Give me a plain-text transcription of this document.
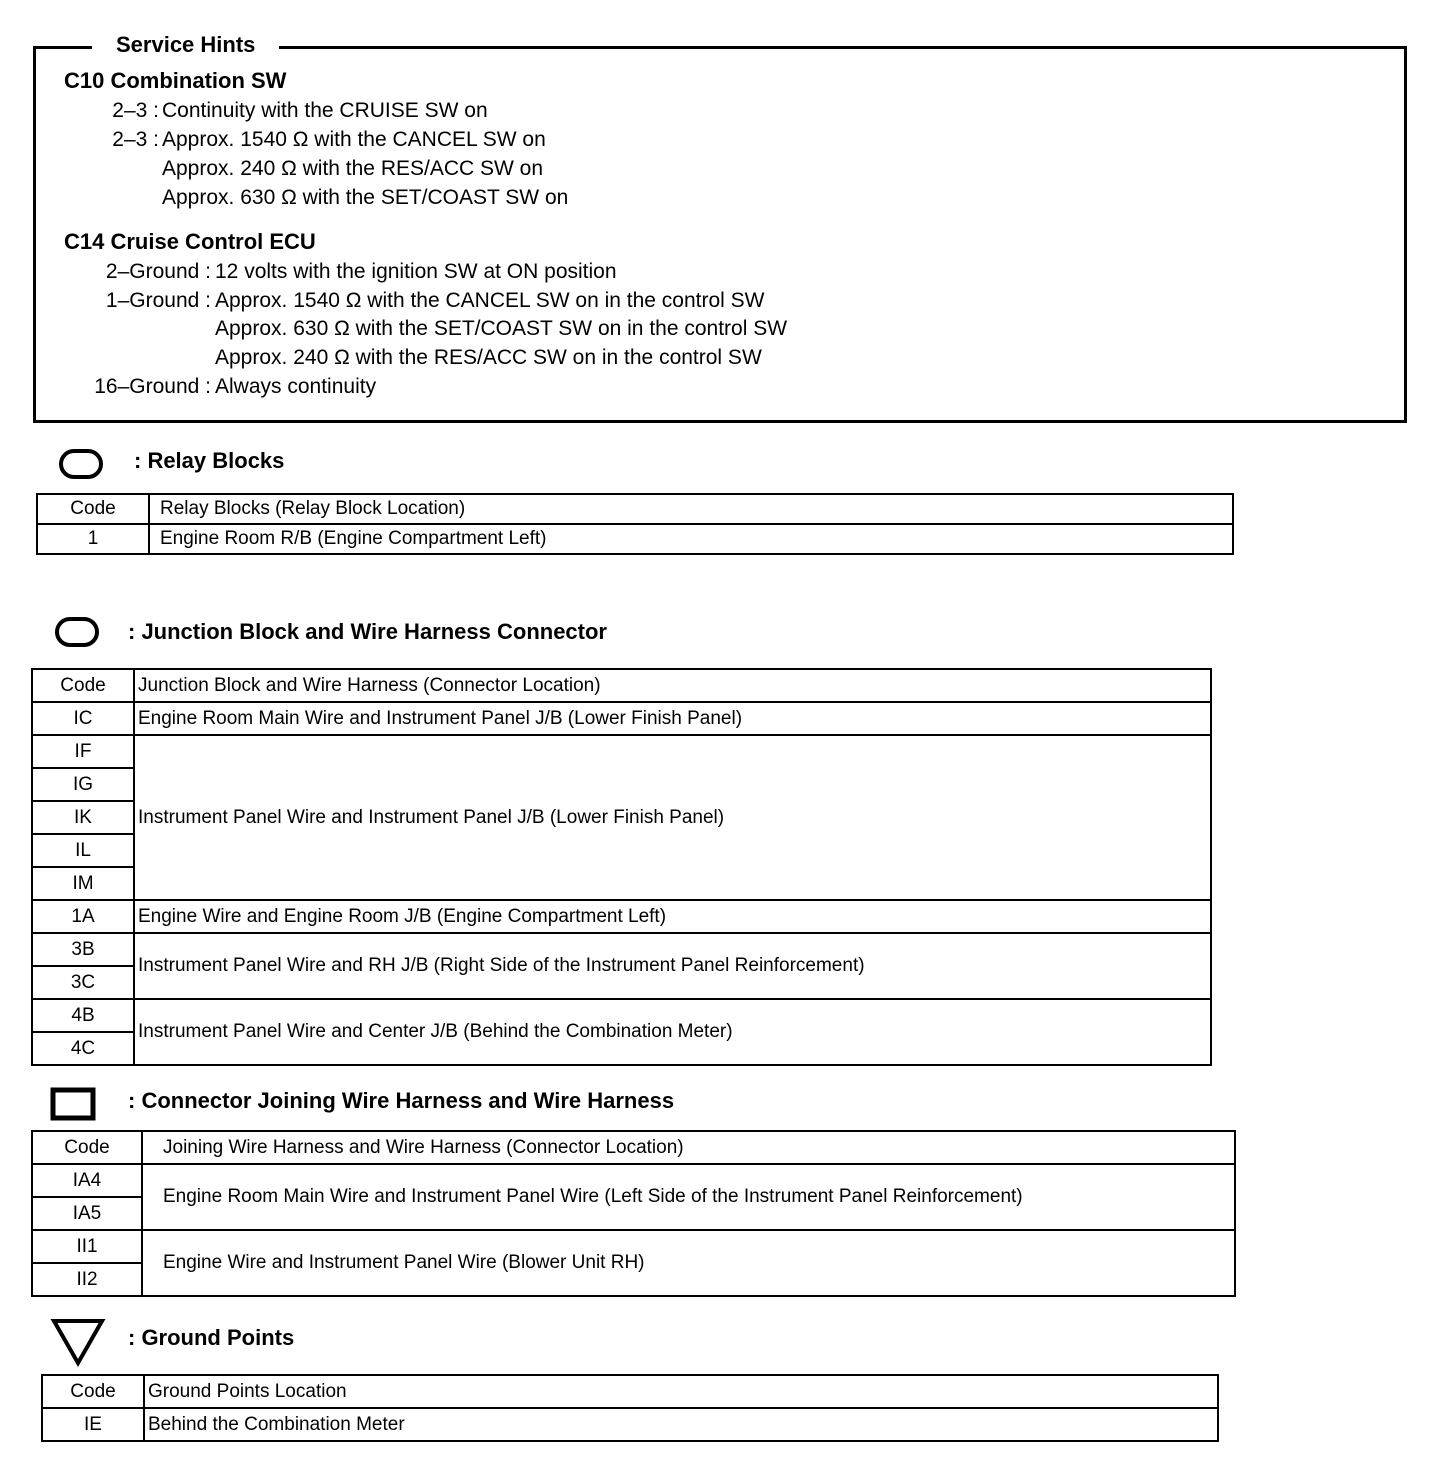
Service Hints
C10 Combination SW
2–3 : Continuity with the CRUISE SW on
2–3 : Approx. 1540 Ω with the CANCEL SW on
Approx. 240 Ω with the RES/ACC SW on
Approx. 630 Ω with the SET/COAST SW on
C14 Cruise Control ECU
2–Ground : 12 volts with the ignition SW at ON position
1–Ground : Approx. 1540 Ω with the CANCEL SW on in the control SW
Approx. 630 Ω with the SET/COAST SW on in the control SW
Approx. 240 Ω with the RES/ACC SW on in the control SW
16–Ground : Always continuity
: Relay Blocks
Code	Relay Blocks (Relay Block Location)
1	Engine Room R/B (Engine Compartment Left)
: Junction Block and Wire Harness Connector
Code	Junction Block and Wire Harness (Connector Location)
IC	Engine Room Main Wire and Instrument Panel J/B (Lower Finish Panel)
IF	Instrument Panel Wire and Instrument Panel J/B (Lower Finish Panel)
IG	
IK	
IL	
IM	
1A	Engine Wire and Engine Room J/B (Engine Compartment Left)
3B	Instrument Panel Wire and RH J/B (Right Side of the Instrument Panel Reinforcement)
3C	
4B	Instrument Panel Wire and Center J/B (Behind the Combination Meter)
4C	
: Connector Joining Wire Harness and Wire Harness
Code	Joining Wire Harness and Wire Harness (Connector Location)
IA4	Engine Room Main Wire and Instrument Panel Wire (Left Side of the Instrument Panel Reinforcement)
IA5	
II1	Engine Wire and Instrument Panel Wire (Blower Unit RH)
II2	
: Ground Points
Code	Ground Points Location
IE	Behind the Combination Meter
